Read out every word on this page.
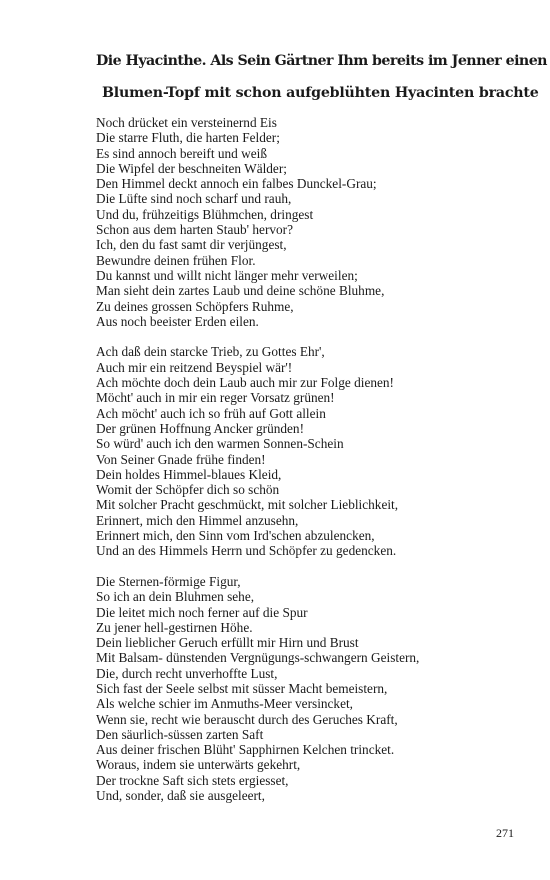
Die Hyacinthe. Als Sein Gärtner Ihm bereits im Jenner einen
Blumen-Topf mit schon aufgeblühten Hyacinten brachte
Noch drücket ein versteinernd Eis
Die starre Fluth, die harten Felder;
Es sind annoch bereift und weiß
Die Wipfel der beschneiten Wälder;
Den Himmel deckt annoch ein falbes Dunckel-Grau;
Die Lüfte sind noch scharf und rauh,
Und du, frühzeitigs Blühmchen, dringest
Schon aus dem harten Staub' hervor?
Ich, den du fast samt dir verjüngest,
Bewundre deinen frühen Flor.
Du kannst und willt nicht länger mehr verweilen;
Man sieht dein zartes Laub und deine schöne Bluhme,
Zu deines grossen Schöpfers Ruhme,
Aus noch beeister Erden eilen.
Ach daß dein starcke Trieb, zu Gottes Ehr',
Auch mir ein reitzend Beyspiel wär'!
Ach möchte doch dein Laub auch mir zur Folge dienen!
Möcht' auch in mir ein reger Vorsatz grünen!
Ach möcht' auch ich so früh auf Gott allein
Der grünen Hoffnung Ancker gründen!
So würd' auch ich den warmen Sonnen-Schein
Von Seiner Gnade frühe finden!
Dein holdes Himmel-blaues Kleid,
Womit der Schöpfer dich so schön
Mit solcher Pracht geschmückt, mit solcher Lieblichkeit,
Erinnert, mich den Himmel anzusehn,
Erinnert mich, den Sinn vom Ird'schen abzulencken,
Und an des Himmels Herrn und Schöpfer zu gedencken.
Die Sternen-förmige Figur,
So ich an dein Bluhmen sehe,
Die leitet mich noch ferner auf die Spur
Zu jener hell-gestirnen Höhe.
Dein lieblicher Geruch erfüllt mir Hirn und Brust
Mit Balsam- dünstenden Vergnügungs-schwangern Geistern,
Die, durch recht unverhoffte Lust,
Sich fast der Seele selbst mit süsser Macht bemeistern,
Als welche schier im Anmuths-Meer versincket,
Wenn sie, recht wie berauscht durch des Geruches Kraft,
Den säurlich-süssen zarten Saft
Aus deiner frischen Blüht' Sapphirnen Kelchen trincket.
Woraus, indem sie unterwärts gekehrt,
Der trockne Saft sich stets ergiesset,
Und, sonder, daß sie ausgeleert,
271
